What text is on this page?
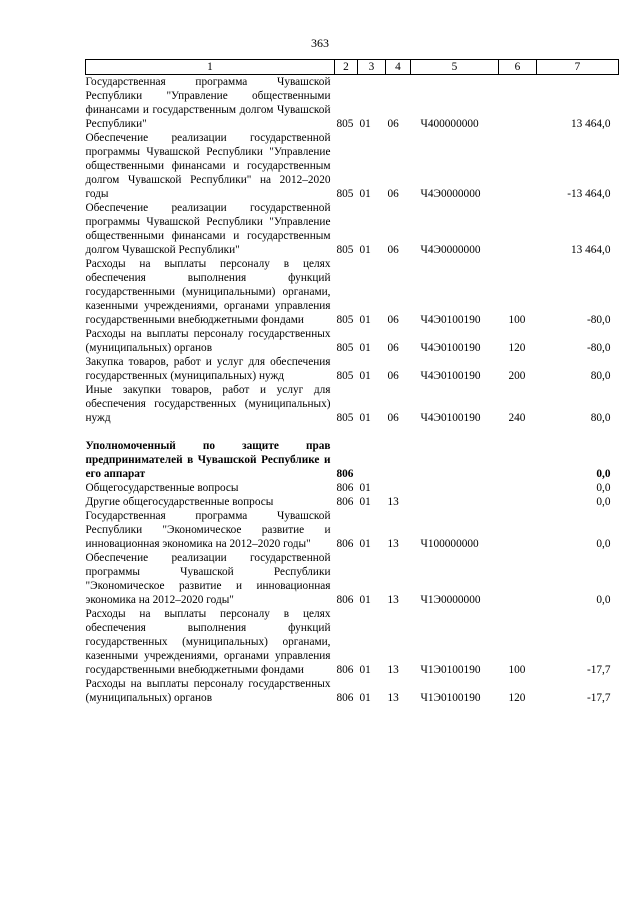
363
1	2	3	4	5	6	7
Государственная программа Чувашской Республики "Управление общественными финансами и государственным долгом Чувашской Республики"	805	01	06	Ч400000000		13 464,0
Обеспечение реализации государственной программы Чувашской Республики "Управление общественными финансами и государственным долгом Чувашской Республики" на 2012–2020 годы	805	01	06	Ч4Э0000000		-13 464,0
Обеспечение реализации государственной программы Чувашской Республики "Управление общественными финансами и государственным долгом Чувашской Республики"	805	01	06	Ч4Э0000000		13 464,0
Расходы на выплаты персоналу в целях обеспечения выполнения функций государственными (муниципальными) органами, казенными учреждениями, органами управления государственными внебюджетными фондами	805	01	06	Ч4Э0100190	100	-80,0
Расходы на выплаты персоналу государственных (муниципальных) органов	805	01	06	Ч4Э0100190	120	-80,0
Закупка товаров, работ и услуг для обеспечения государственных (муниципальных) нужд	805	01	06	Ч4Э0100190	200	80,0
Иные закупки товаров, работ и услуг для обеспечения государственных (муниципальных) нужд	805	01	06	Ч4Э0100190	240	80,0

Уполномоченный по защите прав предпринимателей в Чувашской Республике и его аппарат	806					0,0
Общегосударственные вопросы	806	01				0,0
Другие общегосударственные вопросы	806	01	13			0,0
Государственная программа Чувашской Республики "Экономическое развитие и инновационная экономика на 2012–2020 годы"	806	01	13	Ч100000000		0,0
Обеспечение реализации государственной программы Чувашской Республики "Экономическое развитие и инновационная экономика на 2012–2020 годы"	806	01	13	Ч1Э0000000		0,0
Расходы на выплаты персоналу в целях обеспечения выполнения функций государственных (муниципальных) органами, казенными учреждениями, органами управления государственными внебюджетными фондами	806	01	13	Ч1Э0100190	100	-17,7
Расходы на выплаты персоналу государственных (муниципальных) органов	806	01	13	Ч1Э0100190	120	-17,7
